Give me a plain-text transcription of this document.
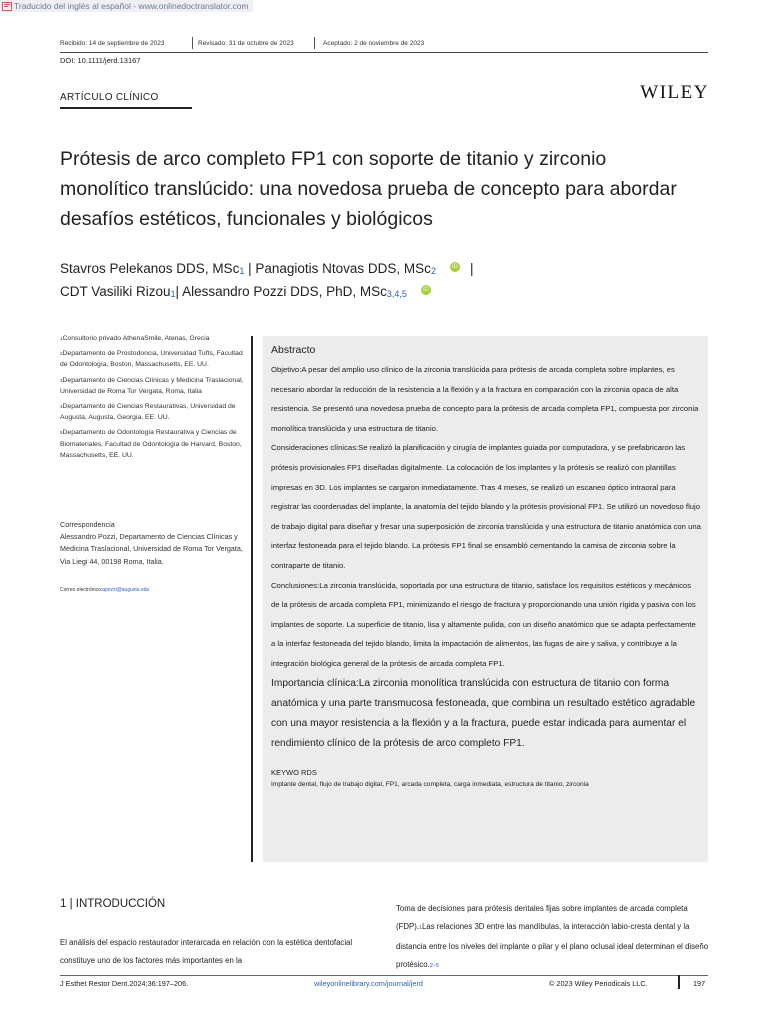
Traducido del inglés al español - www.onlinedoctranslator.com
Recibido: 14 de septiembre de 2023	Revisado: 31 de octubre de 2023	Aceptado: 2 de noviembre de 2023
DOI: 10.1111/jerd.13167
ARTÍCULO CLÍNICO	WILEY
Prótesis de arco completo FP1 con soporte de titanio y zirconio monolítico translúcido: una novedosa prueba de concepto para abordar desafíos estéticos, funcionales y biológicos
Stavros Pelekanos DDS, MSc1 | Panagiotis Ntovas DDS, MSc2	iD |
CDT Vasiliki Rizou1| Alessandro Pozzi DDS, PhD, MSc3,4,5	iD
1Consultorio privado AthenaSmile, Atenas, Grecia
2Departamento de Prostodoncia, Universidad Tufts, Facultad de Odontología, Boston, Massachusetts, EE. UU.
3Departamento de Ciencias Clínicas y Medicina Traslacional, Universidad de Roma Tor Vergata, Roma, Italia
4Departamento de Ciencias Restaurativas, Universidad de Augusta, Augusta, Georgia, EE. UU.
5Departamento de Odontología Restaurativa y Ciencias de Biomateriales, Facultad de Odontología de Harvard, Boston, Massachusetts, EE. UU.
Correspondencia
Alessandro Pozzi, Departamento de Ciencias Clínicas y Medicina Traslacional, Universidad de Roma Tor Vergata, Via Liegi 44, 00198 Roma, Italia.
Correo electrónico:apozzi@augusta.edu
Abstracto
Objetivo:A pesar del amplio uso clínico de la zirconia translúcida para prótesis de arcada completa sobre implantes, es necesario abordar la reducción de la resistencia a la flexión y a la fractura en comparación con la zirconia opaca de alta resistencia. Se presentó una novedosa prueba de concepto para la prótesis de arcada completa FP1, compuesta por zirconia monolítica translúcida y una estructura de titanio.
Consideraciones clínicas:Se realizó la planificación y cirugía de implantes guiada por computadora, y se prefabricaron las prótesis provisionales FP1 diseñadas digitalmente. La colocación de los implantes y la prótesis se realizó con plantillas impresas en 3D. Los implantes se cargaron inmediatamente. Tras 4 meses, se realizó un escaneo óptico intraoral para registrar las coordenadas del implante, la anatomía del tejido blando y la prótesis provisional FP1. Se utilizó un novedoso flujo de trabajo digital para diseñar y fresar una superposición de zirconia translúcida y una estructura de titanio anatómica con una interfaz festoneada para el tejido blando. La prótesis FP1 final se ensambló cementando la camisa de zirconia sobre la contraparte de titanio.
Conclusiones:La zirconia translúcida, soportada por una estructura de titanio, satisface los requisitos estéticos y mecánicos de la prótesis de arcada completa FP1, minimizando el riesgo de fractura y proporcionando una unión rígida y pasiva con los implantes de soporte. La superficie de titanio, lisa y altamente pulida, con un diseño anatómico que se adapta perfectamente a la interfaz festoneada del tejido blando, limita la impactación de alimentos, las fugas de aire y saliva, y contribuye a la integración biológica general de la prótesis de arcada completa FP1.
Importancia clínica:La zirconia monolítica translúcida con estructura de titanio con forma anatómica y una parte transmucosa festoneada, que combina un resultado estético agradable con una mayor resistencia a la flexión y a la fractura, puede estar indicada para aumentar el rendimiento clínico de la prótesis de arco completo FP1.
KEYWO RDS
Implante dental, flujo de trabajo digital, FP1, arcada completa, carga inmediata, estructura de titanio, zirconia
1 | INTRODUCCIÓN
El análisis del espacio restaurador interarcada en relación con la estética dentofacial constituye uno de los factores más importantes en la
Toma de decisiones para prótesis dentales fijas sobre implantes de arcada completa (FDP).1Las relaciones 3D entre las mandíbulas, la interacción labio-cresta dental y la distancia entre los niveles del implante o pilar y el plano oclusal ideal determinan el diseño protésico.2–5
J Esthet Restor Dent.2024;36:197–206.	wileyonlinelibrary.com/journal/jerd	© 2023 Wiley Periodicals LLC.	197
